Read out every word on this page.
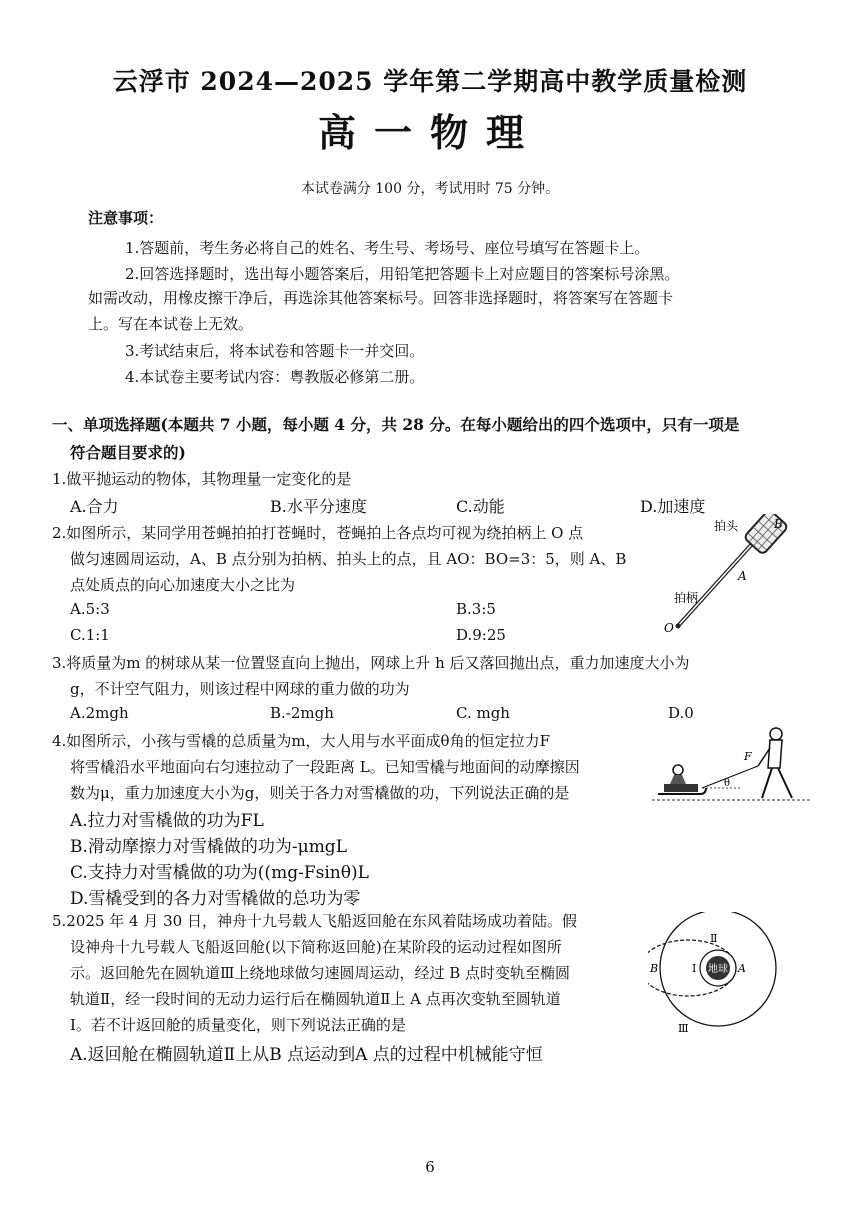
云浮市 2024—2025 学年第二学期高中教学质量检测
高一物理
本试卷满分 100 分，考试用时 75 分钟。
注意事项：
1.答题前，考生务必将自己的姓名、考生号、考场号、座位号填写在答题卡上。
2.回答选择题时，选出每小题答案后，用铅笔把答题卡上对应题目的答案标号涂黑。
如需改动，用橡皮擦干净后，再选涂其他答案标号。回答非选择题时，将答案写在答题卡
上。写在本试卷上无效。
3.考试结束后，将本试卷和答题卡一并交回。
4.本试卷主要考试内容：粤教版必修第二册。
一、单项选择题(本题共 7 小题，每小题 4 分，共 28 分。在每小题给出的四个选项中，只有一项是
符合题目要求的)
1.做平抛运动的物体，其物理量一定变化的是
A.合力	B.水平分速度	C.动能	D.加速度
2.如图所示，某同学用苍蝇拍拍打苍蝇时，苍蝇拍上各点均可视为绕拍柄上 O 点
做匀速圆周运动，A、B 点分别为拍柄、拍头上的点，且 AO：BO=3：5，则 A、B
点处质点的向心加速度大小之比为
A.5:3	B.3:5
C.1:1	D.9:25
拍头	B
A
拍柄
O
3.将质量为m 的树球从某一位置竖直向上抛出，网球上升 h 后又落回抛出点，重力加速度大小为
g，不计空气阻力，则该过程中网球的重力做的功为
A.2mgh	B.-2mgh	C. mgh	D.0
4.如图所示，小孩与雪橇的总质量为m，大人用与水平面成θ角的恒定拉力F
将雪橇沿水平地面向右匀速拉动了一段距离 L。已知雪橇与地面间的动摩擦因
数为μ，重力加速度大小为g，则关于各力对雪橇做的功，下列说法正确的是
A.拉力对雪橇做的功为FL
B.滑动摩擦力对雪橇做的功为-μmgL
C.支持力对雪橇做的功为((mg-Fsinθ)L
D.雪橇受到的各力对雪橇做的总功为零
F
θ
5.2025 年 4 月 30 日，神舟十九号载人飞船返回舱在东风着陆场成功着陆。假
设神舟十九号载人飞船返回舱(以下简称返回舱)在某阶段的运动过程如图所
示。返回舱先在圆轨道Ⅲ上绕地球做匀速圆周运动，经过 B 点时变轨至椭圆
轨道Ⅱ，经一段时间的无动力运行后在椭圆轨道Ⅱ上 A 点再次变轨至圆轨道
Ⅰ。若不计返回舱的质量变化，则下列说法正确的是
A.返回舱在椭圆轨道Ⅱ上从B 点运动到A 点的过程中机械能守恒
地球
Ⅱ
Ⅰ
Ⅲ
B	A
6
